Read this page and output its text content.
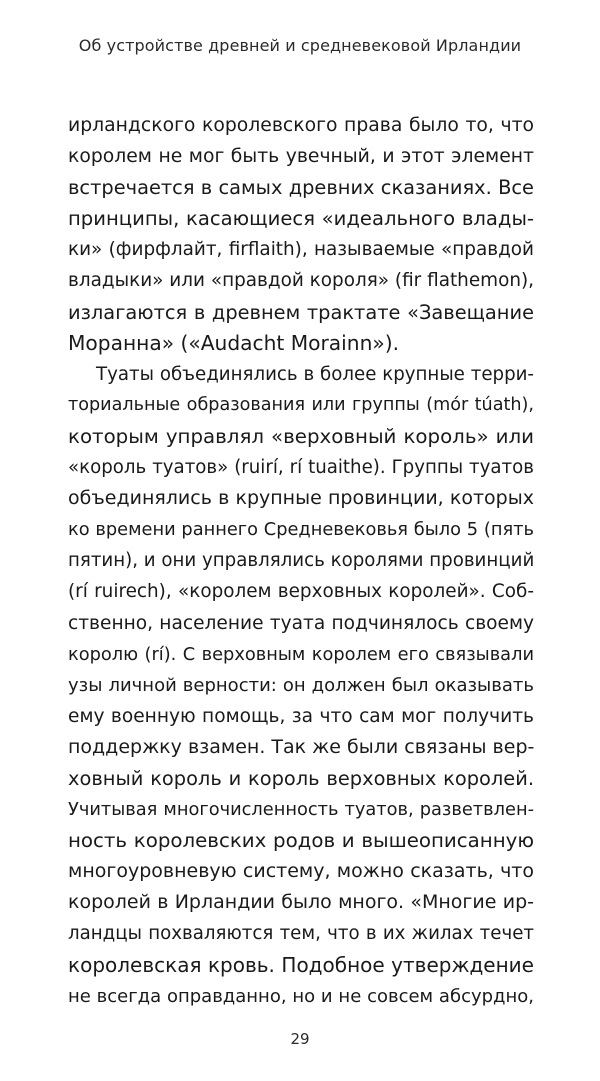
Об устройстве древней и средневековой Ирландии
ирландского королевского права было то, что
королем не мог быть увечный, и этот элемент
встречается в самых древних сказаниях. Все
принципы, касающиеся «идеального влады-
ки» (фирфлайт, firflaith), называемые «правдой
владыки» или «правдой короля» (fir flathemon),
излагаются в древнем трактате «Завещание
Моранна» («Audacht Morainn»).
Туаты объединялись в более крупные терри-
ториальные образования или группы (mór túath),
которым управлял «верховный король» или
«король туатов» (ruirí, rí tuaithe). Группы туатов
объединялись в крупные провинции, которых
ко времени раннего Средневековья было 5 (пять
пятин), и они управлялись королями провинций
(rí ruirech), «королем верховных королей». Соб-
ственно, население туата подчинялось своему
королю (rí). С верховным королем его связывали
узы личной верности: он должен был оказывать
ему военную помощь, за что сам мог получить
поддержку взамен. Так же были связаны вер-
ховный король и король верховных королей.
Учитывая многочисленность туатов, разветвлен-
ность королевских родов и вышеописанную
многоуровневую систему, можно сказать, что
королей в Ирландии было много. «Многие ир-
ландцы похваляются тем, что в их жилах течет
королевская кровь. Подобное утверждение
не всегда оправданно, но и не совсем абсурдно,
29
